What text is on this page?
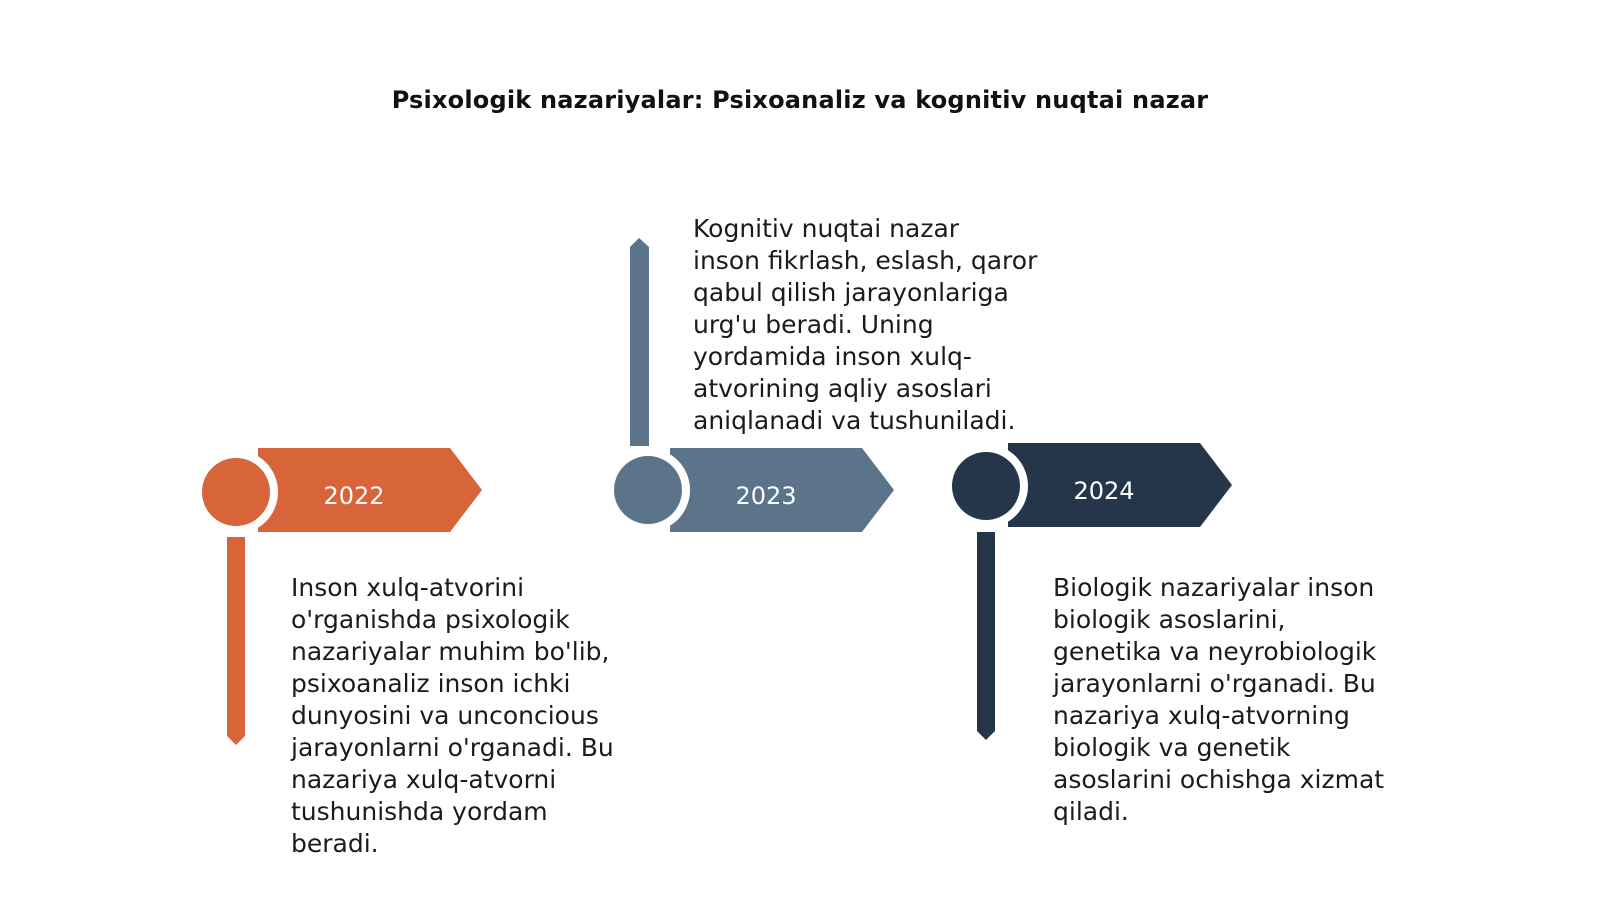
Psixologik nazariyalar: Psixoanaliz va kognitiv nuqtai nazar
2022	2023	2024
Inson xulq-atvorini
o'rganishda psixologik
nazariyalar muhim bo'lib,
psixoanaliz inson ichki
dunyosini va unconcious
jarayonlarni o'rganadi. Bu
nazariya xulq-atvorni
tushunishda yordam
beradi.
Kognitiv nuqtai nazar
inson fikrlash, eslash, qaror
qabul qilish jarayonlariga
urg'u beradi. Uning
yordamida inson xulq-
atvorining aqliy asoslari
aniqlanadi va tushuniladi.
Biologik nazariyalar inson
biologik asoslarini,
genetika va neyrobiologik
jarayonlarni o'rganadi. Bu
nazariya xulq-atvorning
biologik va genetik
asoslarini ochishga xizmat
qiladi.
